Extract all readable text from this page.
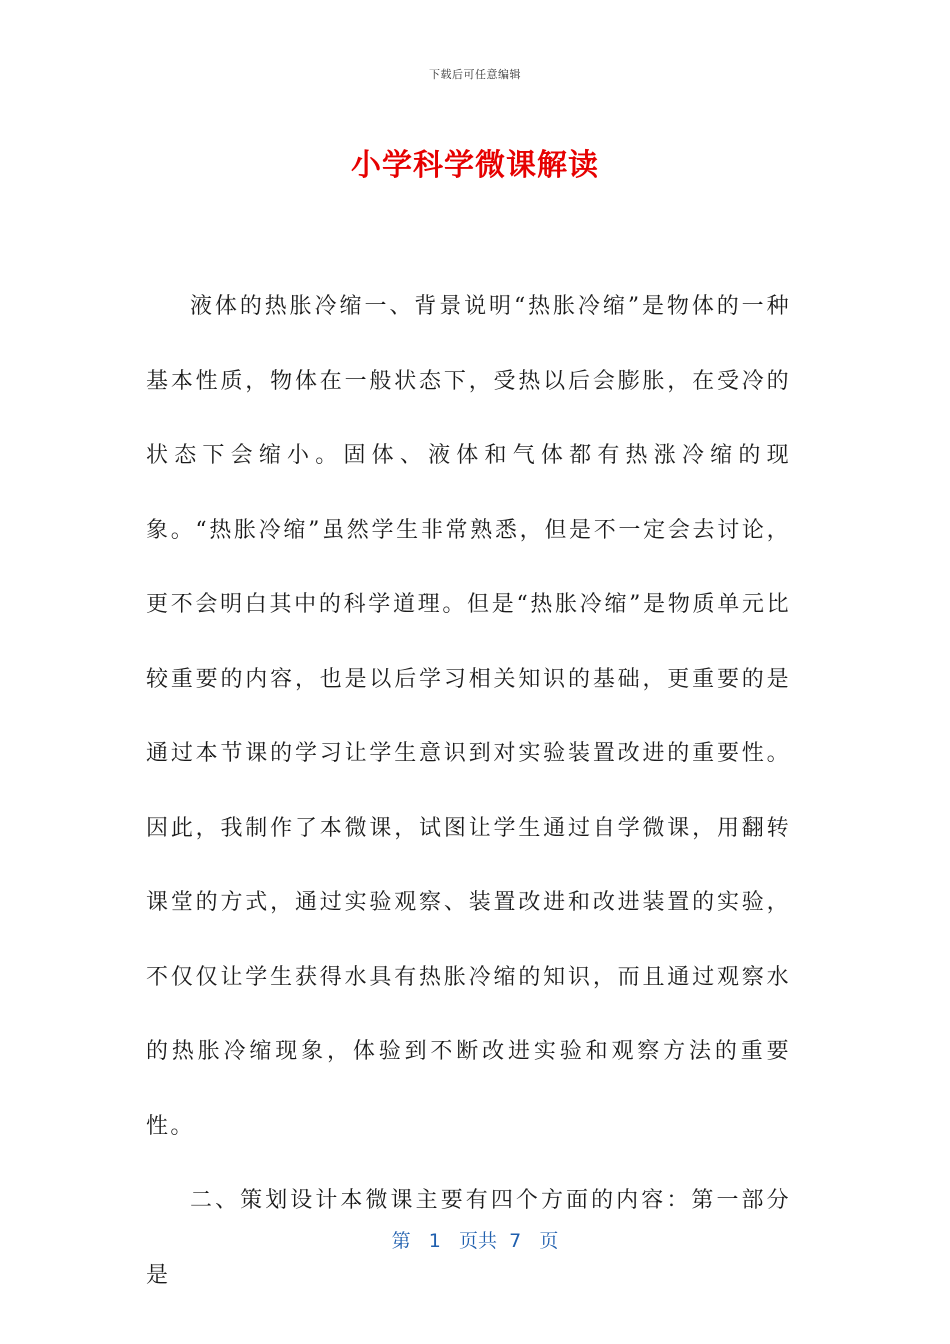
下载后可任意编辑
小学科学微课解读

液体的热胀冷缩一、背景说明“热胀冷缩”是物体的一种基本性质，物体在一般状态下，受热以后会膨胀，在受冷的状态下会缩小。固体、液体和气体都有热涨冷缩的现象。“热胀冷缩”虽然学生非常熟悉，但是不一定会去讨论，更不会明白其中的科学道理。但是“热胀冷缩”是物质单元比较重要的内容，也是以后学习相关知识的基础，更重要的是通过本节课的学习让学生意识到对实验装置改进的重要性。因此，我制作了本微课，试图让学生通过自学微课，用翻转课堂的方式，通过实验观察、装置改进和改进装置的实验，不仅仅让学生获得水具有热胀冷缩的知识，而且通过观察水的热胀冷缩现象，体验到不断改进实验和观察方法的重要性。

二、策划设计本微课主要有四个方面的内容：第一部分是

第 1 页共 7 页
